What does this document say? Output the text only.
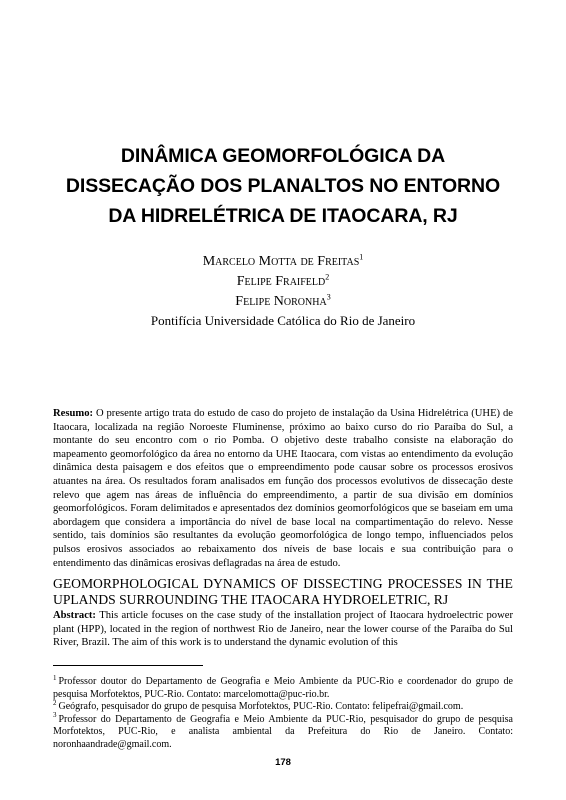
DINÂMICA GEOMORFOLÓGICA DA
DISSECAÇÃO DOS PLANALTOS NO ENTORNO
DA HIDRELÉTRICA DE ITAOCARA, RJ
Marcelo Motta de Freitas$^1$
Felipe Fraifeld$^2$
Felipe Noronha$^3$
Pontifícia Universidade Católica do Rio de Janeiro

Resumo: O presente artigo trata do estudo de caso do projeto de instalação da Usina Hidrelétrica (UHE) de Itaocara, localizada na região Noroeste Fluminense, próximo ao baixo curso do rio Paraíba do Sul, a montante do seu encontro com o rio Pomba. O objetivo deste trabalho consiste na elaboração do mapeamento geomorfológico da área no entorno da UHE Itaocara, com vistas ao entendimento da evolução dinâmica desta paisagem e dos efeitos que o empreendimento pode causar sobre os processos erosivos atuantes na área. Os resultados foram analisados em função dos processos evolutivos de dissecação deste relevo que agem nas áreas de influência do empreendimento, a partir de sua divisão em domínios geomorfológicos. Foram delimitados e apresentados dez domínios geomorfológicos que se baseiam em uma abordagem que considera a importância do nível de base local na compartimentação do relevo. Nesse sentido, tais domínios são resultantes da evolução geomorfológica de longo tempo, influenciados pelos pulsos erosivos associados ao rebaixamento dos níveis de base locais e sua contribuição para o entendimento das dinâmicas erosivas deflagradas na área de estudo.

GEOMORPHOLOGICAL DYNAMICS OF DISSECTING PROCESSES IN THE UPLANDS SURROUNDING THE ITAOCARA HYDROELETRIC, RJ

Abstract: This article focuses on the case study of the installation project of Itaocara hydroelectric power plant (HPP), located in the region of northwest Rio de Janeiro, near the lower course of the Paraíba do Sul River, Brazil. The aim of this work is to understand the dynamic evolution of this

$^1$ Professor doutor do Departamento de Geografia e Meio Ambiente da PUC-Rio e coordenador do grupo de pesquisa Morfotektos, PUC-Rio. Contato: marcelomotta@puc-rio.br.
$^2$ Geógrafo, pesquisador do grupo de pesquisa Morfotektos, PUC-Rio. Contato: felipefrai@gmail.com.
$^3$ Professor do Departamento de Geografia e Meio Ambiente da PUC-Rio, pesquisador do grupo de pesquisa Morfotektos, PUC-Rio, e analista ambiental da Prefeitura do Rio de Janeiro. Contato: noronhaandrade@gmail.com.
178
